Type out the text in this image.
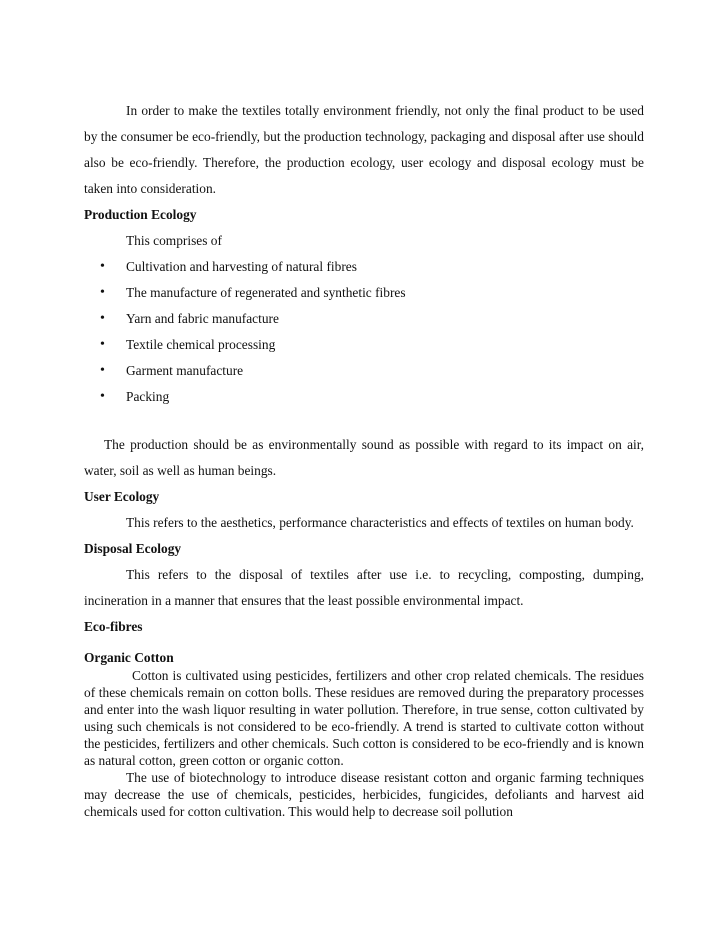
In order to make the textiles totally environment friendly, not only the final product to be used by the consumer be eco-friendly, but the production technology, packaging and disposal after use should also be eco-friendly. Therefore, the production ecology, user ecology and disposal ecology must be taken into consideration.

Production Ecology
This comprises of
• Cultivation and harvesting of natural fibres
• The manufacture of regenerated and synthetic fibres
• Yarn and fabric manufacture
• Textile chemical processing
• Garment manufacture
• Packing

The production should be as environmentally sound as possible with regard to its impact on air, water, soil as well as human beings.

User Ecology

This refers to the aesthetics, performance characteristics and effects of textiles on human body.

Disposal Ecology

This refers to the disposal of textiles after use i.e. to recycling, composting, dumping, incineration in a manner that ensures that the least possible environmental impact.

Eco-fibres
Organic Cotton

Cotton is cultivated using pesticides, fertilizers and other crop related chemicals. The residues of these chemicals remain on cotton bolls. These residues are removed during the preparatory processes and enter into the wash liquor resulting in water pollution. Therefore, in true sense, cotton cultivated by using such chemicals is not considered to be eco-friendly. A trend is started to cultivate cotton without the pesticides, fertilizers and other chemicals. Such cotton is considered to be eco-friendly and is known as natural cotton, green cotton or organic cotton.

The use of biotechnology to introduce disease resistant cotton and organic farming techniques may decrease the use of chemicals, pesticides, herbicides, fungicides, defoliants and harvest aid chemicals used for cotton cultivation. This would help to decrease soil pollution
